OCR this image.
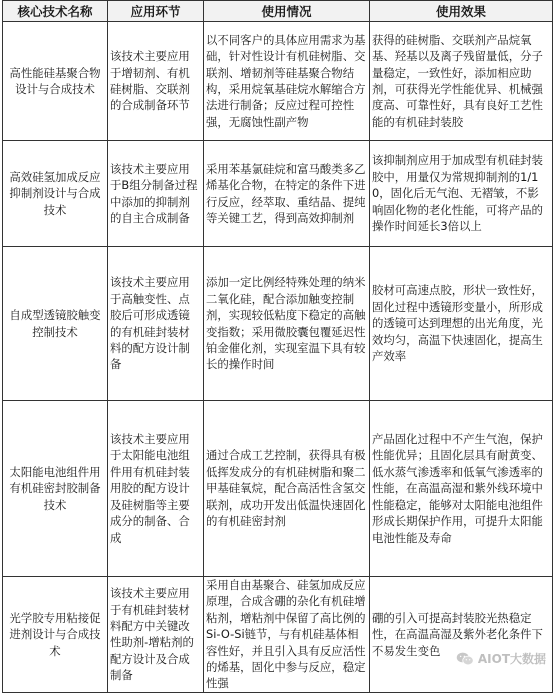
核心技术名称	应用环节	使用情况	使用效果
高性能硅基聚合物设计与合成技术	该技术主要应用于增韧剂、有机硅树脂、交联剂的合成制备环节	以不同客户的具体应用需求为基础，针对性设计有机硅树脂、交联剂、增韧剂等硅基聚合物结构，采用烷氧基硅烷水解缩合方法进行制备；反应过程可控性强，无腐蚀性副产物	获得的硅树脂、交联剂产品烷氧基、羟基以及离子残留量低，分子量稳定，一致性好，添加相应助剂，可获得光学性能优异、机械强度高、可靠性好，具有良好工艺性能的有机硅封装胶
高效硅氢加成反应抑制剂设计与合成技术	该技术主要应用于B组分制备过程中添加的抑制剂的自主合成制备	采用苯基氯硅烷和富马酸类多乙烯基化合物，在特定的条件下进行反应，经萃取、重结晶、提纯等关键工艺，得到高效抑制剂	该抑制剂应用于加成型有机硅封装胶中，用量仅为常规抑制剂的1/10，固化后无气泡、无褶皱，不影响固化物的老化性能，可将产品的操作时间延长3倍以上
自成型透镜胶触变控制技术	该技术主要应用于高触变性、点胶后可形成透镜的有机硅封装材料的配方设计制备	添加一定比例经特殊处理的纳米二氧化硅，配合添加触变控制剂，实现较低粘度下稳定的高触变指数；采用微胶囊包覆延迟性铂金催化剂，实现室温下具有较长的操作时间	胶材可高速点胶，形状一致性好，固化过程中透镜形变量小，所形成的透镜可达到理想的出光角度，光效均匀，高温下快速固化，提高生产效率
太阳能电池组件用有机硅密封胶制备技术	该技术主要应用于太阳能电池组件用有机硅封装用胶的配方设计及硅树脂等主要成分的制备、合成	通过合成工艺控制，获得具有极低挥发成分的有机硅树脂和聚二甲基硅氧烷，配合高活性含氢交联剂，成功开发出低温快速固化的有机硅密封剂	产品固化过程中不产生气泡，保护性能优异；且固化层具有耐黄变、低水蒸气渗透率和低氧气渗透率的性能，在高温高湿和紫外线环境中性能稳定，能够对太阳能电池组件形成长期保护作用，可提升太阳能电池性能及寿命
光学胶专用粘接促进剂设计与合成技术	该技术主要应用于有机硅封装材料配方中关键改性助剂-增粘剂的配方设计及合成制备	采用自由基聚合、硅氢加成反应原理，合成含硼的杂化有机硅增粘剂，增粘剂中保留了高比例的Si-O-Si链节，与有机硅基体相容性好，并且引入具有反应活性的烯基，固化中参与反应，稳定性强	硼的引入可提高封装胶光热稳定性，在高温高湿及紫外老化条件下不易发生变色
AIOT大数据
